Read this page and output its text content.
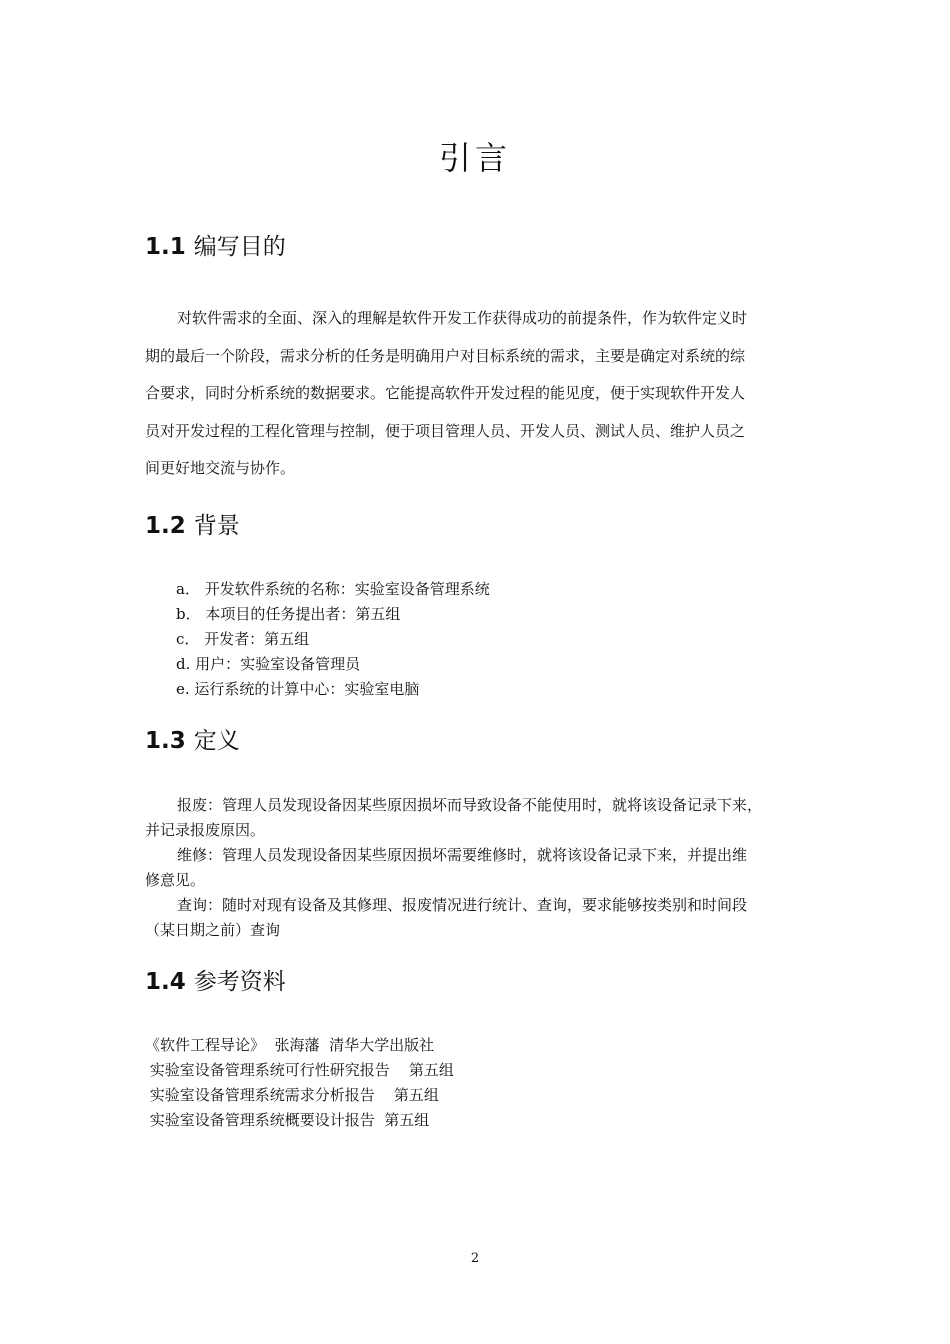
引言
1.1 编写目的
对软件需求的全面、深入的理解是软件开发工作获得成功的前提条件，作为软件定义时
期的最后一个阶段，需求分析的任务是明确用户对目标系统的需求，主要是确定对系统的综
合要求，同时分析系统的数据要求。它能提高软件开发过程的能见度，便于实现软件开发人
员对开发过程的工程化管理与控制，便于项目管理人员、开发人员、测试人员、维护人员之
间更好地交流与协作。
1.2 背景
a． 开发软件系统的名称：实验室设备管理系统
b． 本项目的任务提出者：第五组
c． 开发者：第五组
d. 用户：实验室设备管理员
e. 运行系统的计算中心：实验室电脑
1.3 定义
报废：管理人员发现设备因某些原因损坏而导致设备不能使用时，就将该设备记录下来，
并记录报废原因。
维修：管理人员发现设备因某些原因损坏需要维修时，就将该设备记录下来，并提出维
修意见。
查询：随时对现有设备及其修理、报废情况进行统计、查询，要求能够按类别和时间段
（某日期之前）查询
1.4 参考资料
《软件工程导论》  张海藩  清华大学出版社
实验室设备管理系统可行性研究报告    第五组
实验室设备管理系统需求分析报告    第五组
实验室设备管理系统概要设计报告  第五组
2
